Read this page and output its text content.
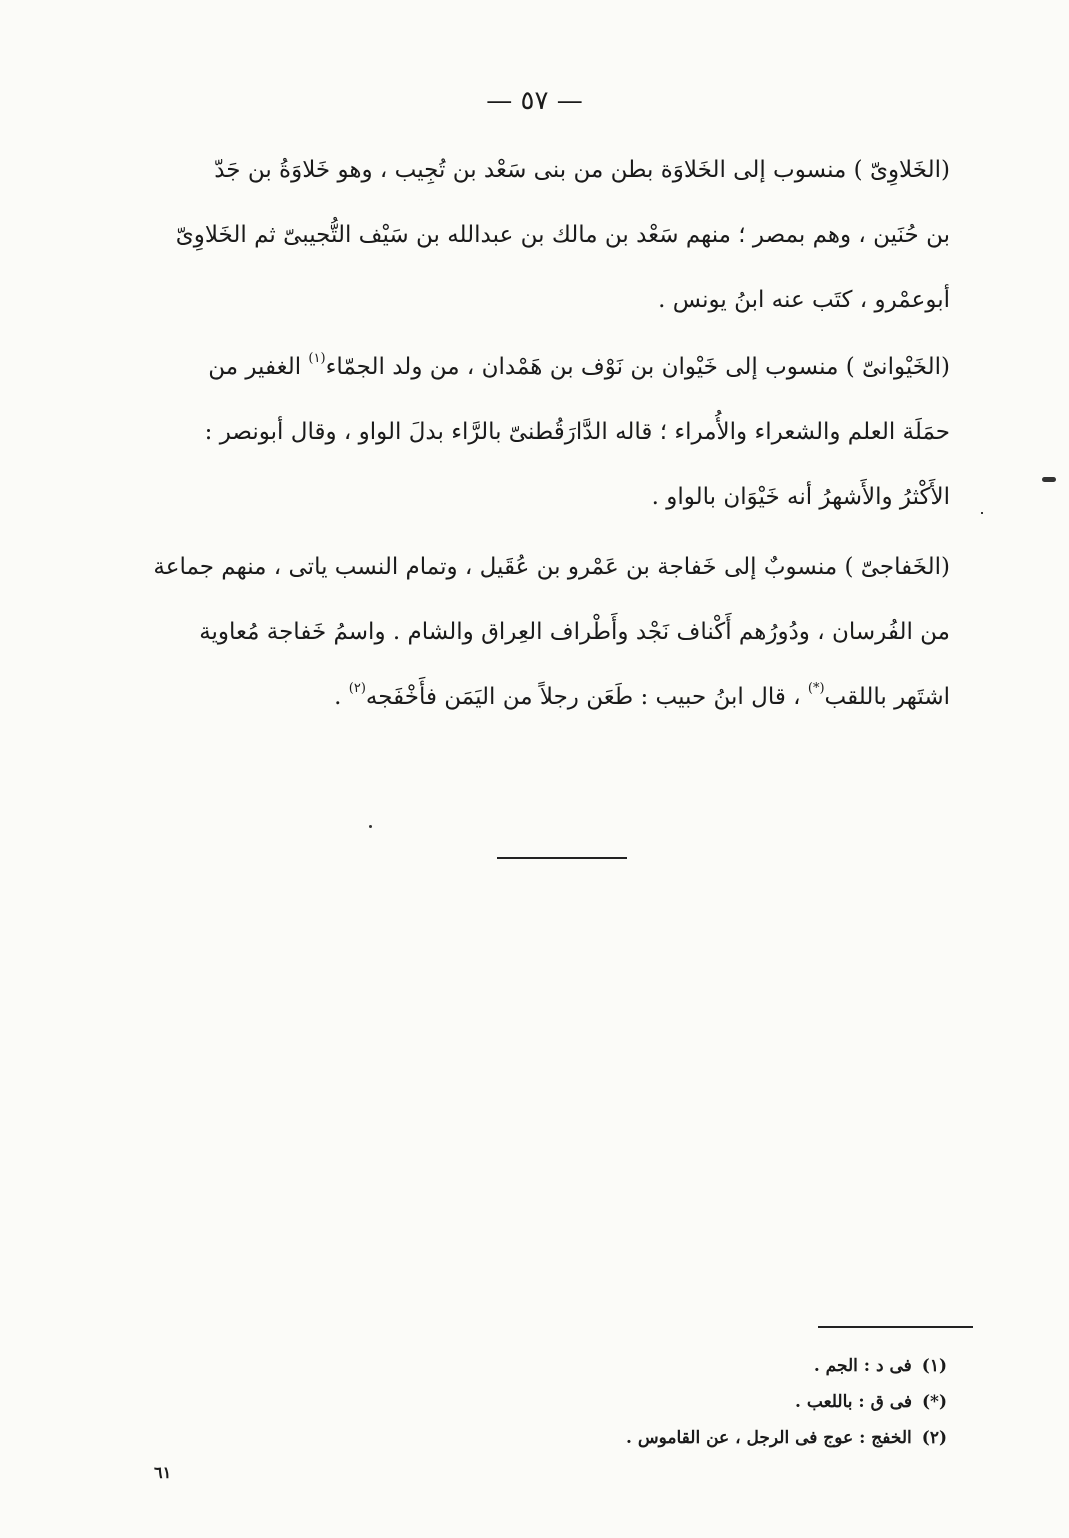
— ٥٧ —

(الخَلاوِىّ ) منسوب إلى الخَلاوَة بطن من بنى سَعْد بن تُجِيب ، وهو خَلاوَةُ بن جَدّ

بن حُنَين ، وهم بمصر ؛ منهم سَعْد بن مالك بن عبدالله بن سَيْف التُّجيبىّ ثم الخَلاوِىّ

أبوعمْرو ، كتَب عنه ابنُ يونس .

(الخَيْوانىّ ) منسوب إلى خَيْوان بن نَوْف بن هَمْدان ، من ولد الجمّاء$^{(١)}$ الغفير من

حمَلَة العلم والشعراء والأُمراء ؛ قاله الدَّارَقُطنىّ بالرَّاء بدلَ الواو ، وقال أبونصر :

الأَكْثرُ والأَشهرُ أنه خَيْوَان بالواو .

(الخَفاجىّ ) منسوبٌ إلى خَفاجة بن عَمْرو بن عُقَيل ، وتمام النسب ياتى ، منهم جماعة

من الفُرسان ، ودُورُهم أَكْناف نَجْد وأَطْراف العِراق والشام . واسمُ خَفاجة مُعاوية

اشتَهر باللقب(*) ، قال ابنُ حبيب : طَعَن رجلاً من اليَمَن فأَخْفَجه$^{(٢)}$ .

(١)فى د : الجم .
(*)فى ق : باللعب .
(٢)الخفج : عوج فى الرجل ، عن القاموس .
٦١
